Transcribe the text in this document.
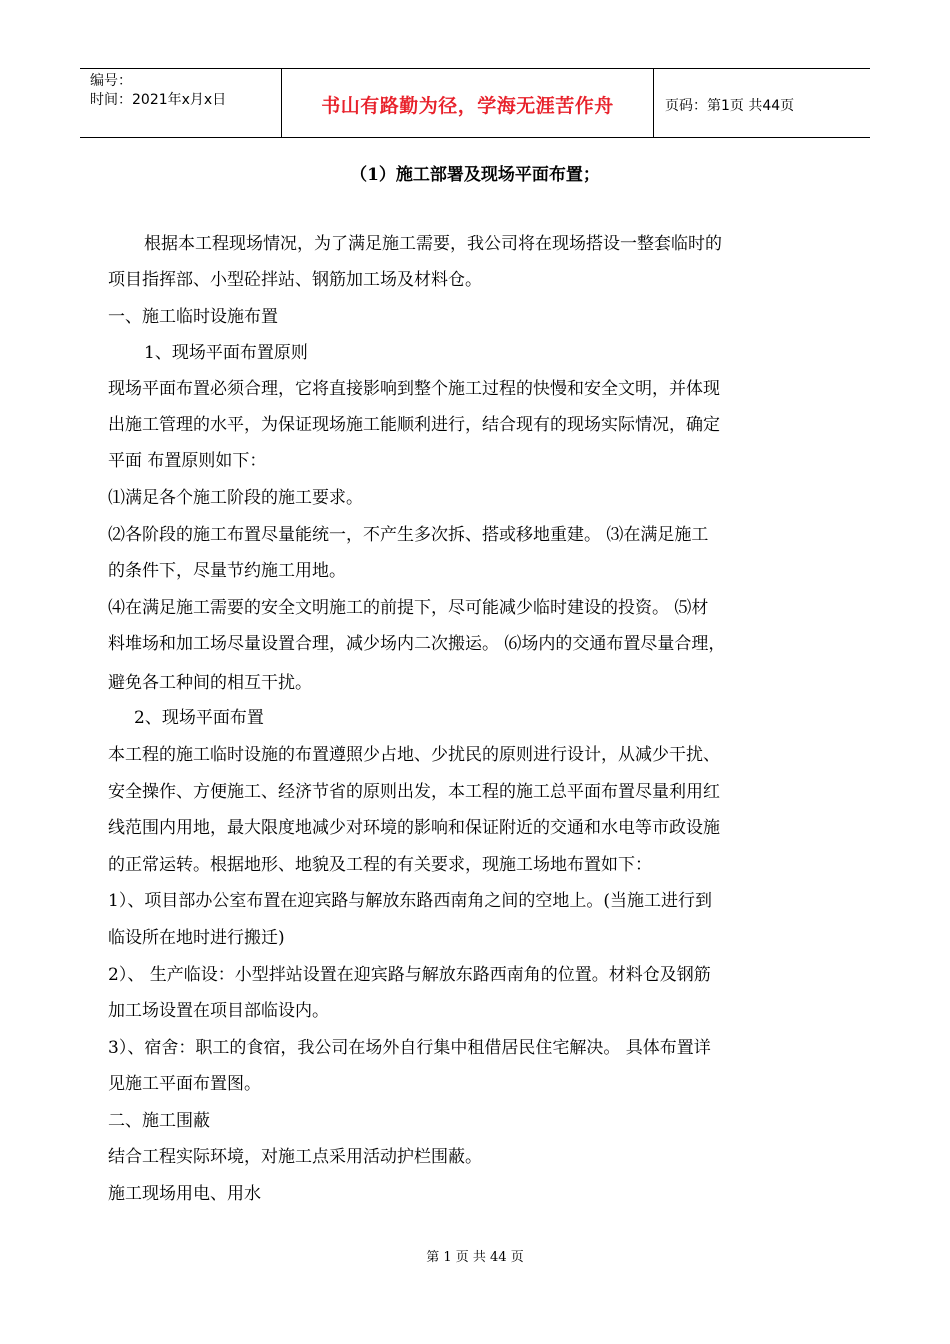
编号：
时间：2021年x月x日	书山有路勤为径，学海无涯苦作舟	页码：第1页 共44页
（1）施工部署及现场平面布置；
根据本工程现场情况，为了满足施工需要，我公司将在现场搭设一整套临时的
项目指挥部、小型砼拌站、钢筋加工场及材料仓。
一、施工临时设施布置
1、现场平面布置原则
现场平面布置必须合理，它将直接影响到整个施工过程的快慢和安全文明，并体现
出施工管理的水平，为保证现场施工能顺利进行，结合现有的现场实际情况，确定
平面 布置原则如下：
⑴满足各个施工阶段的施工要求。
⑵各阶段的施工布置尽量能统一，不产生多次拆、搭或移地重建。 ⑶在满足施工
的条件下，尽量节约施工用地。
⑷在满足施工需要的安全文明施工的前提下，尽可能减少临时建设的投资。 ⑸材
料堆场和加工场尽量设置合理，减少场内二次搬运。 ⑹场内的交通布置尽量合理，
避免各工种间的相互干扰。
2、现场平面布置
本工程的施工临时设施的布置遵照少占地、少扰民的原则进行设计，从减少干扰、
安全操作、方便施工、经济节省的原则出发，本工程的施工总平面布置尽量利用红
线范围内用地，最大限度地减少对环境的影响和保证附近的交通和水电等市政设施
的正常运转。根据地形、地貌及工程的有关要求，现施工场地布置如下：
1）、项目部办公室布置在迎宾路与解放东路西南角之间的空地上。(当施工进行到
临设所在地时进行搬迁)
2）、 生产临设：小型拌站设置在迎宾路与解放东路西南角的位置。材料仓及钢筋
加工场设置在项目部临设内。
3）、宿舍：职工的食宿，我公司在场外自行集中租借居民住宅解决。 具体布置详
见施工平面布置图。
二、施工围蔽
结合工程实际环境，对施工点采用活动护栏围蔽。
施工现场用电、用水
第 1 页 共 44 页
